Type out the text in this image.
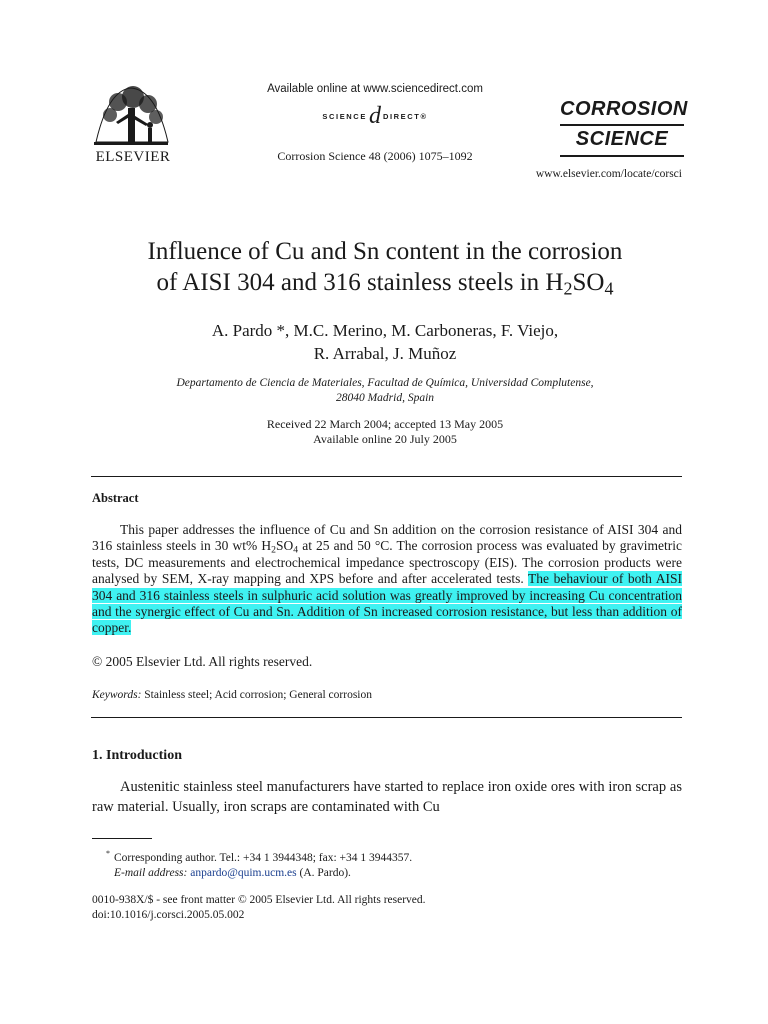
ELSEVIER
Available online at www.sciencedirect.com
SCIENCE d DIRECT®
Corrosion Science 48 (2006) 1075–1092
CORROSION
SCIENCE
www.elsevier.com/locate/corsci
Influence of Cu and Sn content in the corrosion
of AISI 304 and 316 stainless steels in $H_2SO_4$
A. Pardo *, M.C. Merino, M. Carboneras, F. Viejo,
R. Arrabal, J. Muñoz
Departamento de Ciencia de Materiales, Facultad de Química, Universidad Complutense,
28040 Madrid, Spain
Received 22 March 2004; accepted 13 May 2005
Available online 20 July 2005
Abstract
This paper addresses the influence of Cu and Sn addition on the corrosion resistance of AISI 304 and 316 stainless steels in 30 wt% $H_2SO_4$ at 25 and 50 °C. The corrosion process was evaluated by gravimetric tests, DC measurements and electrochemical impedance spectroscopy (EIS). The corrosion products were analysed by SEM, X-ray mapping and XPS before and after accelerated tests. The behaviour of both AISI 304 and 316 stainless steels in sulphuric acid solution was greatly improved by increasing Cu concentration and the synergic effect of Cu and Sn. Addition of Sn increased corrosion resistance, but less than addition of copper.
© 2005 Elsevier Ltd. All rights reserved.
Keywords: Stainless steel; Acid corrosion; General corrosion
1. Introduction
Austenitic stainless steel manufacturers have started to replace iron oxide ores with iron scrap as raw material. Usually, iron scraps are contaminated with Cu
* Corresponding author. Tel.: +34 1 3944348; fax: +34 1 3944357.
E-mail address: anpardo@quim.ucm.es (A. Pardo).
0010-938X/$ - see front matter © 2005 Elsevier Ltd. All rights reserved.
doi:10.1016/j.corsci.2005.05.002
